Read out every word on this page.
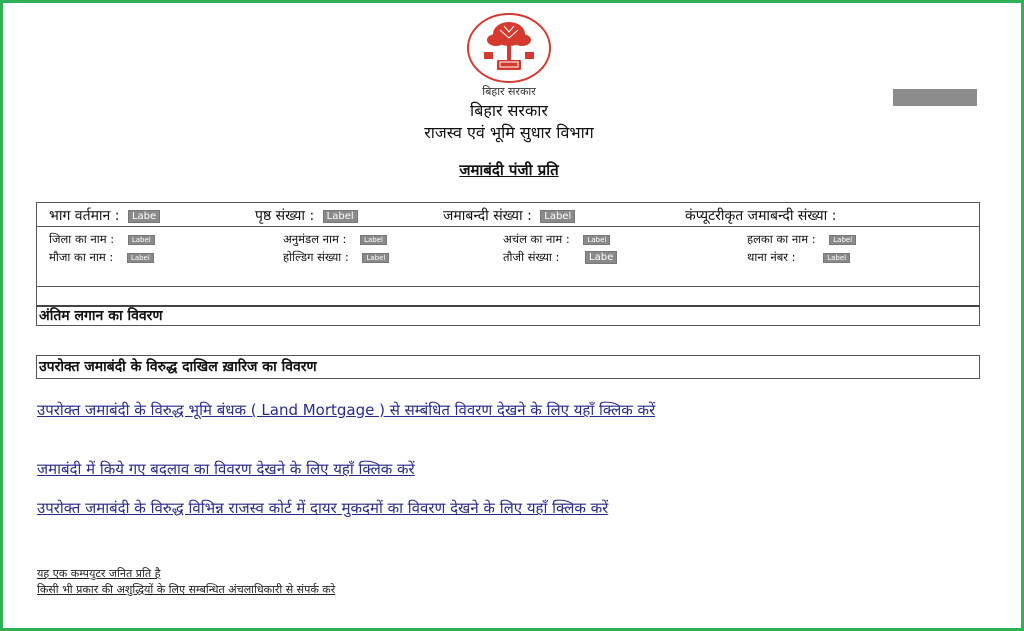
बिहार सरकार
बिहार सरकार
राजस्व एवं भूमि सुधार विभाग
जमाबंदी पंजी प्रति
भाग वर्तमान : Labe	पृष्ठ संख्या : Label	जमाबन्दी संख्या : Label	कंप्यूटरीकृत जमाबन्दी संख्या :
जिला का नाम :	Label	अनुमंडल नाम :	Label	अचंल का नाम :	Label	हलका का नाम :	Label
मौजा का नाम :	Label	होल्डिग संख्या :	Label	तौजी संख्या :	Labe	थाना नंबर :	Label
अंतिम लगान का विवरण
उपरोक्त जमाबंदी के विरुद्ध दाखिल ख़ारिज का विवरण
उपरोक्त जमाबंदी के विरुद्ध भूमि बंधक ( Land Mortgage ) से सम्बंधित विवरण देखने के लिए यहाँ क्लिक करें
जमाबंदी में किये गए बदलाव का विवरण देखने के लिए यहाँ क्लिक करें
उपरोक्त जमाबंदी के विरुद्ध विभिन्न राजस्व कोर्ट में दायर मुकदमों का विवरण देखने के लिए यहाँ क्लिक करें
यह एक कम्पयुटर जनित प्रति है
किसी भी प्रकार की अशुद्धियों के लिए सम्बन्धित अंचलाधिकारी से संपर्क करे
